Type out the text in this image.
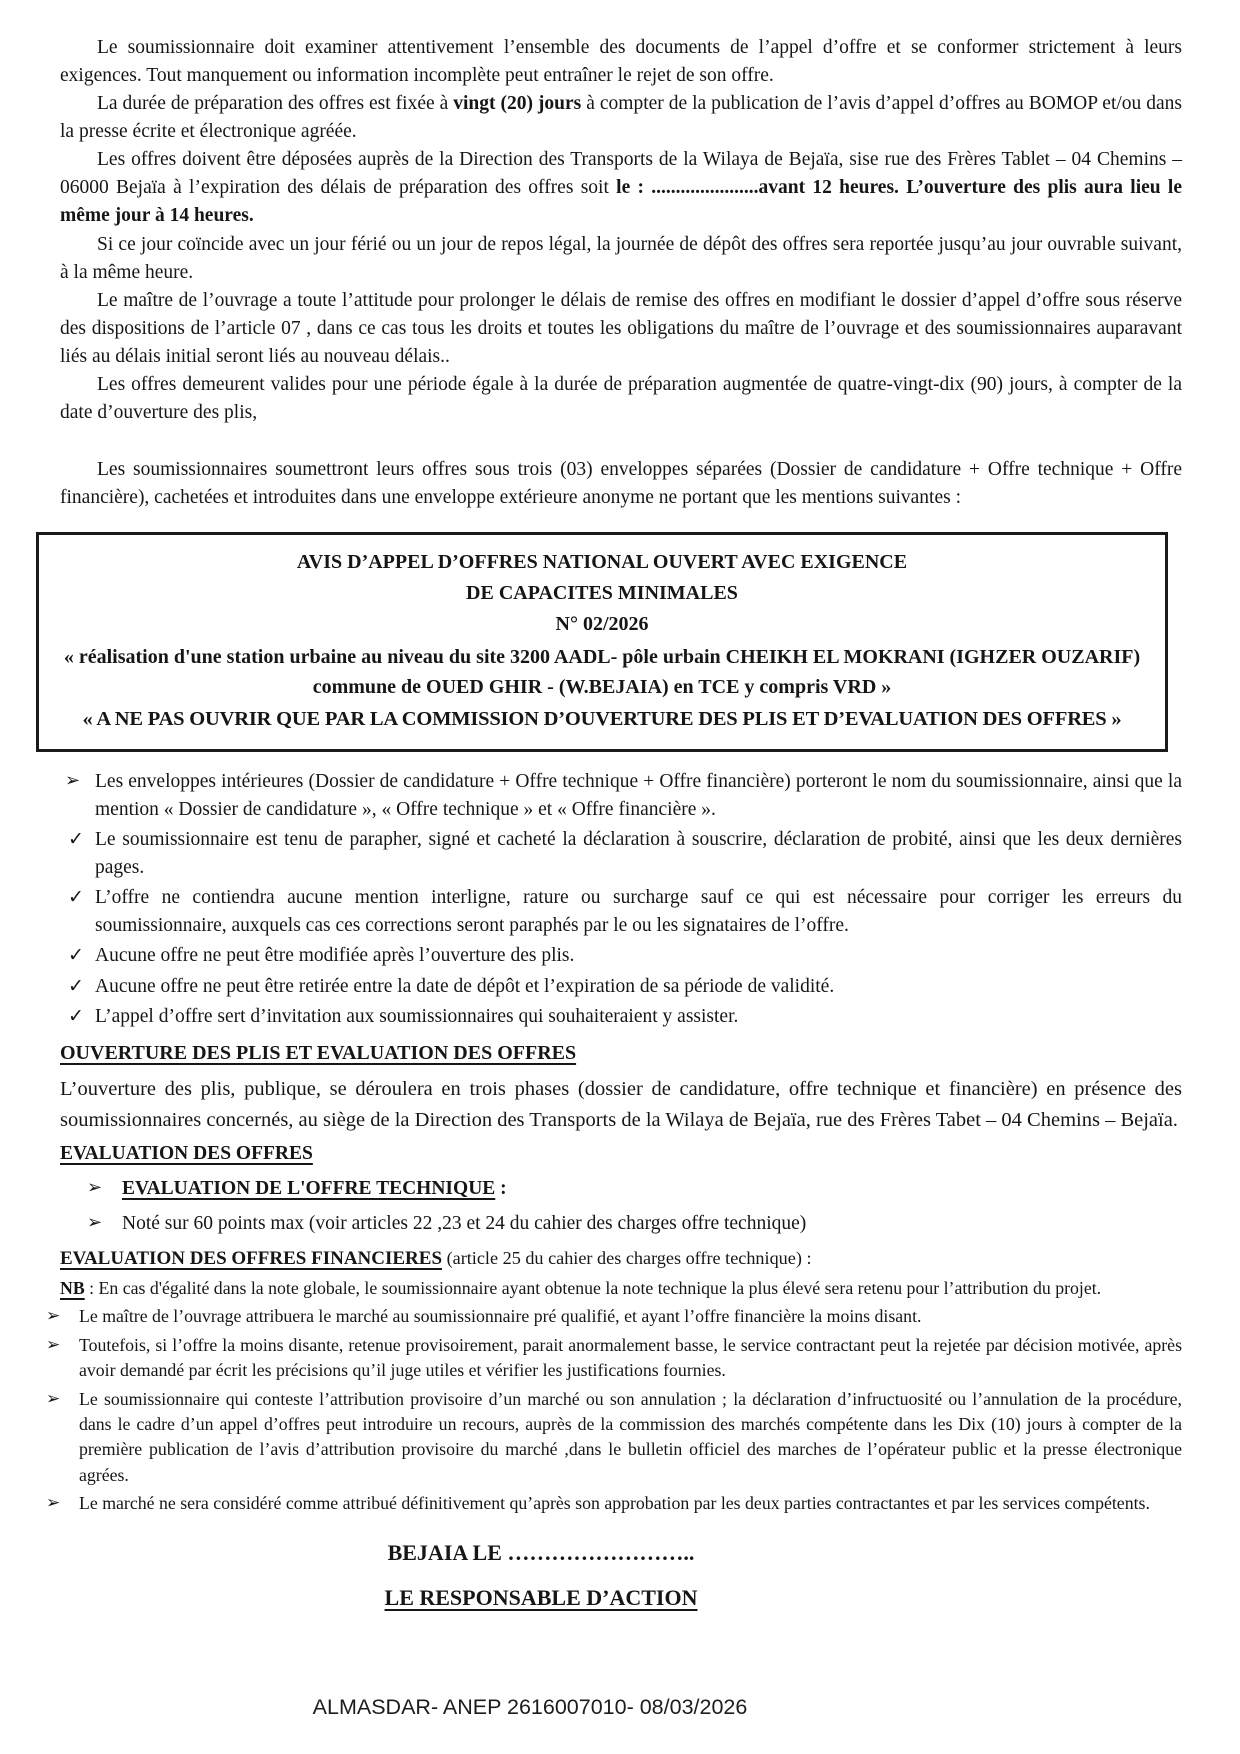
Le soumissionnaire doit examiner attentivement l’ensemble des documents de l’appel d’offre et se conformer strictement à leurs exigences. Tout manquement ou information incomplète peut entraîner le rejet de son offre.

La durée de préparation des offres est fixée à vingt (20) jours à compter de la publication de l’avis d’appel d’offres au BOMOP et/ou dans la presse écrite et électronique agréée.

Les offres doivent être déposées auprès de la Direction des Transports de la Wilaya de Bejaïa, sise rue des Frères Tablet – 04 Chemins – 06000 Bejaïa à l’expiration des délais de préparation des offres soit le : ......................avant 12 heures. L’ouverture des plis aura lieu le même jour à 14 heures.

Si ce jour coïncide avec un jour férié ou un jour de repos légal, la journée de dépôt des offres sera reportée jusqu’au jour ouvrable suivant, à la même heure.

Le maître de l’ouvrage a toute l’attitude pour prolonger le délais de remise des offres en modifiant le dossier d’appel d’offre sous réserve des dispositions de l’article 07 , dans ce cas tous les droits et toutes les obligations du maître de l’ouvrage et des soumissionnaires auparavant liés au délais initial seront liés au nouveau délais..

Les offres demeurent valides pour une période égale à la durée de préparation augmentée de quatre-vingt-dix (90) jours, à compter de la date d’ouverture des plis,

Les soumissionnaires soumettront leurs offres sous trois (03) enveloppes séparées (Dossier de candidature + Offre technique + Offre financière), cachetées et introduites dans une enveloppe extérieure anonyme ne portant que les mentions suivantes :

AVIS D’APPEL D’OFFRES NATIONAL OUVERT AVEC EXIGENCE
DE CAPACITES MINIMALES
N° 02/2026
« réalisation d'une station urbaine au niveau du site 3200 AADL- pôle urbain CHEIKH EL MOKRANI (IGHZER OUZARIF) commune de OUED GHIR - (W.BEJAIA) en TCE y compris VRD »
« A NE PAS OUVRIR QUE PAR LA COMMISSION D’OUVERTURE DES PLIS ET D’EVALUATION DES OFFRES »
➢ Les enveloppes intérieures (Dossier de candidature + Offre technique + Offre financière) porteront le nom du soumissionnaire, ainsi que la mention « Dossier de candidature », « Offre technique » et « Offre financière ».
✓ Le soumissionnaire est tenu de parapher, signé et cacheté la déclaration à souscrire, déclaration de probité, ainsi que les deux dernières pages.
✓ L’offre ne contiendra aucune mention interligne, rature ou surcharge sauf ce qui est nécessaire pour corriger les erreurs du soumissionnaire, auxquels cas ces corrections seront paraphés par le ou les signataires de l’offre.
✓ Aucune offre ne peut être modifiée après l’ouverture des plis.
✓ Aucune offre ne peut être retirée entre la date de dépôt et l’expiration de sa période de validité.
✓ L’appel d’offre sert d’invitation aux soumissionnaires qui souhaiteraient y assister.
OUVERTURE DES PLIS ET EVALUATION DES OFFRES

L’ouverture des plis, publique, se déroulera en trois phases (dossier de candidature, offre technique et financière) en présence des soumissionnaires concernés, au siège de la Direction des Transports de la Wilaya de Bejaïa, rue des Frères Tabet – 04 Chemins – Bejaïa.

EVALUATION DES OFFRES
➢ EVALUATION DE L'OFFRE TECHNIQUE :
➢ Noté sur 60 points max (voir articles 22 ,23 et 24 du cahier des charges offre technique)

EVALUATION DES OFFRES FINANCIERES (article 25 du cahier des charges offre technique) :

NB : En cas d'égalité dans la note globale, le soumissionnaire ayant obtenue la note technique la plus élevé sera retenu pour l’attribution du projet.

➢ Le maître de l’ouvrage attribuera le marché au soumissionnaire pré qualifié, et ayant l’offre financière la moins disant.
➢ Toutefois, si l’offre la moins disante, retenue provisoirement, parait anormalement basse, le service contractant peut la rejetée par décision motivée, après avoir demandé par écrit les précisions qu’il juge utiles et vérifier les justifications fournies.
➢ Le soumissionnaire qui conteste l’attribution provisoire d’un marché ou son annulation ; la déclaration d’infructuosité ou l’annulation de la procédure, dans le cadre d’un appel d’offres peut introduire un recours, auprès de la commission des marchés compétente dans les Dix (10) jours à compter de la première publication de l’avis d’attribution provisoire du marché ,dans le bulletin officiel des marches de l’opérateur public et la presse électronique agrées.
➢ Le marché ne sera considéré comme attribué définitivement qu’après son approbation par les deux parties contractantes et par les services compétents.
BEJAIA LE ……………………..
LE RESPONSABLE D’ACTION
ALMASDAR- ANEP 2616007010- 08/03/2026
